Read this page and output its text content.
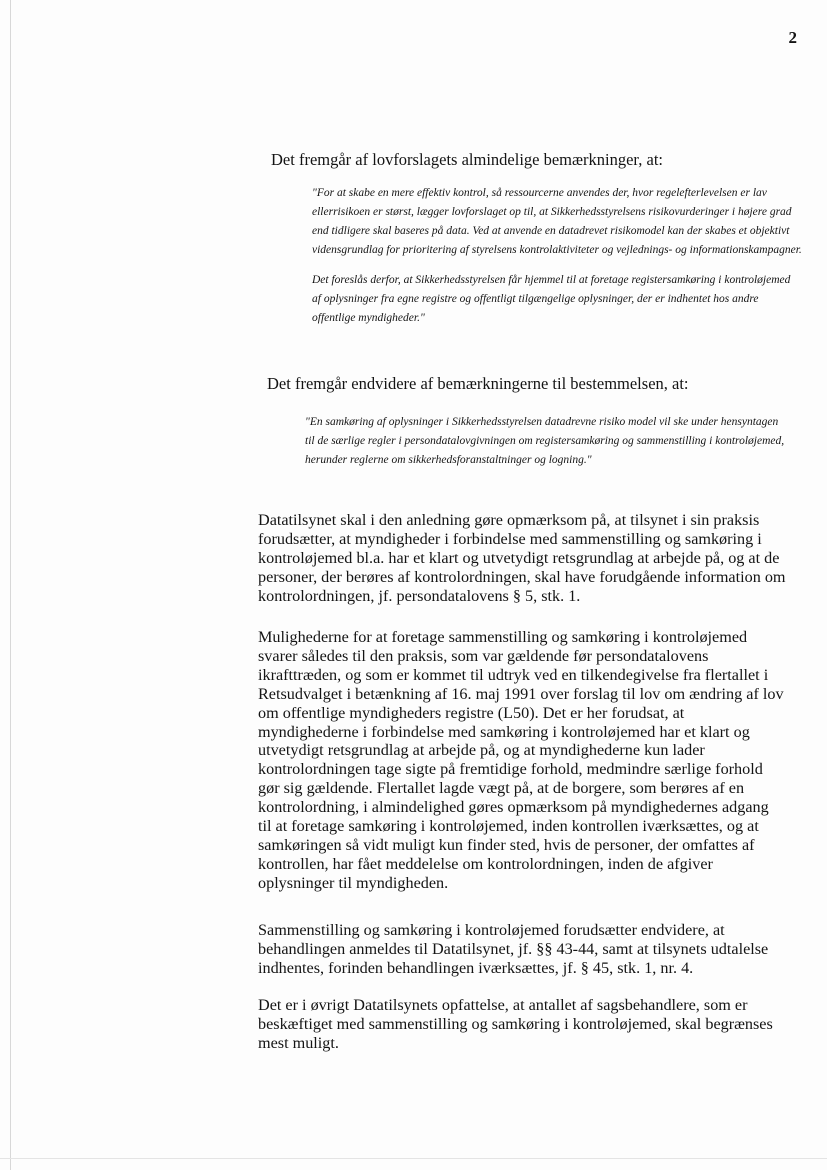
2
Det fremgår af lovforslagets almindelige bemærkninger, at:

"For at skabe en mere effektiv kontrol, så ressourcerne anvendes der, hvor regelefterlevelsen er lav ellerrisikoen er størst, lægger lovforslaget op til, at Sikkerhedsstyrelsens risikovurderinger i højere grad end tidligere skal baseres på data. Ved at anvende en datadrevet risikomodel kan der skabes et objektivt vidensgrundlag for prioritering af styrelsens kontrolaktiviteter og vejlednings- og informationskampagner.

Det foreslås derfor, at Sikkerhedsstyrelsen får hjemmel til at foretage registersamkøring i kontroløjemed af oplysninger fra egne registre og offentligt tilgængelige oplysninger, der er indhentet hos andre offentlige myndigheder."

Det fremgår endvidere af bemærkningerne til bestemmelsen, at:

"En samkøring af oplysninger i Sikkerhedsstyrelsen datadrevne risiko model vil ske under hensyntagen til de særlige regler i persondatalovgivningen om registersamkøring og sammenstilling i kontroløjemed, herunder reglerne om sikkerhedsforanstaltninger og logning."

Datatilsynet skal i den anledning gøre opmærksom på, at tilsynet i sin praksis forudsætter, at myndigheder i forbindelse med sammenstilling og samkøring i kontroløjemed bl.a. har et klart og utvetydigt retsgrundlag at arbejde på, og at de personer, der berøres af kontrolordningen, skal have forudgående information om kontrolordningen, jf. persondatalovens § 5, stk. 1.

Mulighederne for at foretage sammenstilling og samkøring i kontroløjemed svarer således til den praksis, som var gældende før persondatalovens ikrafttræden, og som er kommet til udtryk ved en tilkendegivelse fra flertallet i Retsudvalget i betænkning af 16. maj 1991 over forslag til lov om ændring af lov om offentlige myndigheders registre (L50). Det er her forudsat, at myndighederne i forbindelse med samkøring i kontroløjemed har et klart og utvetydigt retsgrundlag at arbejde på, og at myndighederne kun lader kontrolordningen tage sigte på fremtidige forhold, medmindre særlige forhold gør sig gældende. Flertallet lagde vægt på, at de borgere, som berøres af en kontrolordning, i almindelighed gøres opmærksom på myndighedernes adgang til at foretage samkøring i kontroløjemed, inden kontrollen iværksættes, og at samkøringen så vidt muligt kun finder sted, hvis de personer, der omfattes af kontrollen, har fået meddelelse om kontrolordningen, inden de afgiver oplysninger til myndigheden.

Sammenstilling og samkøring i kontroløjemed forudsætter endvidere, at behandlingen anmeldes til Datatilsynet, jf. §§ 43-44, samt at tilsynets udtalelse indhentes, forinden behandlingen iværksættes, jf. § 45, stk. 1, nr. 4.

Det er i øvrigt Datatilsynets opfattelse, at antallet af sagsbehandlere, som er beskæftiget med sammenstilling og samkøring i kontroløjemed, skal begrænses mest muligt.
